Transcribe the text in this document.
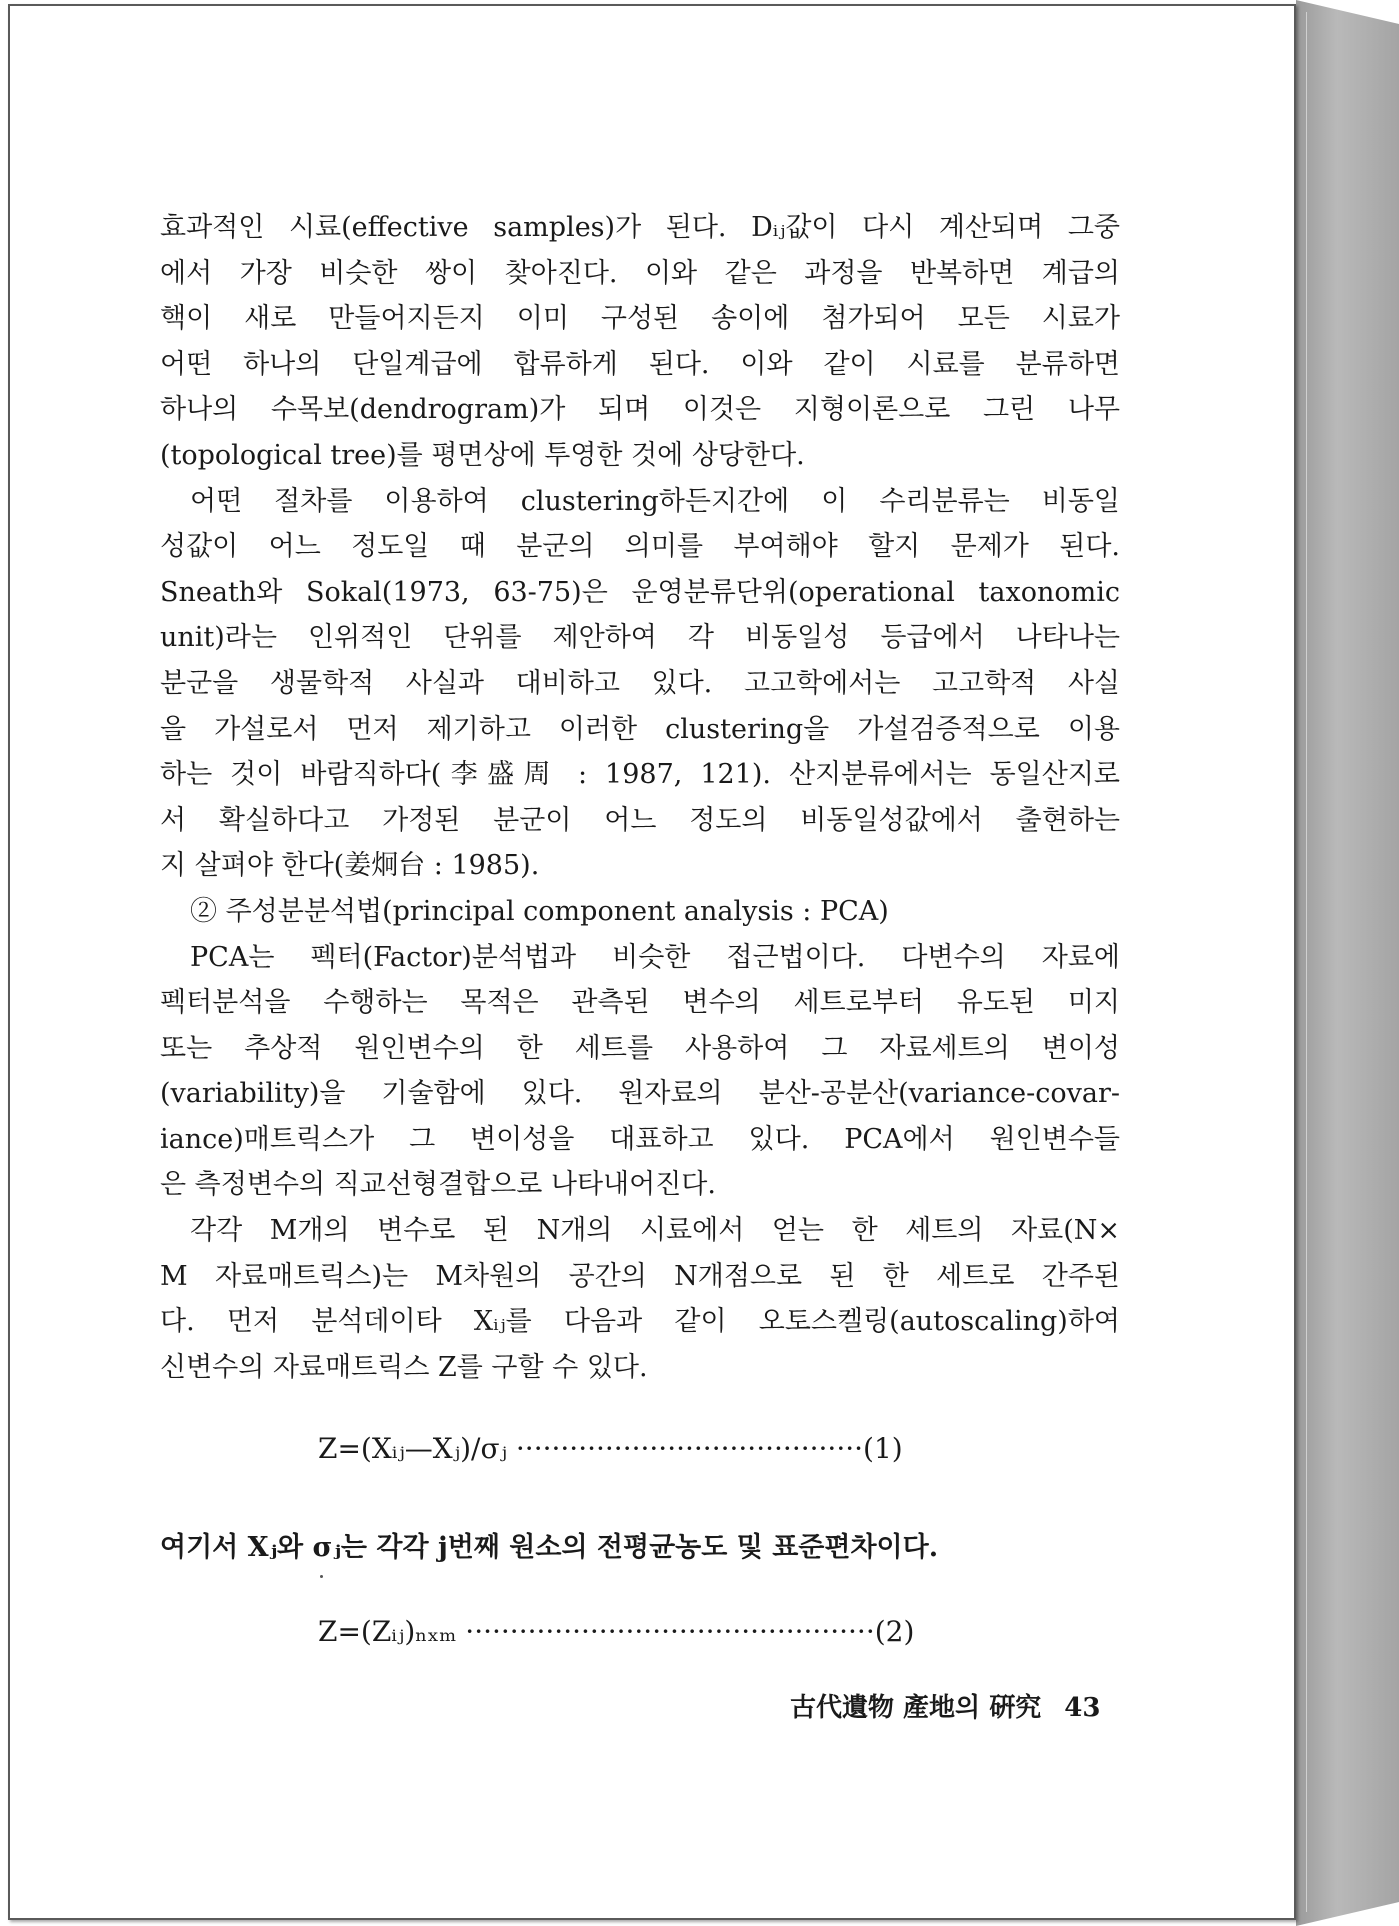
효과적인 시료(effective samples)가 된다. Dᵢⱼ값이 다시 계산되며 그중
에서 가장 비슷한 쌍이 찾아진다. 이와 같은 과정을 반복하면 계급의
핵이 새로 만들어지든지 이미 구성된 송이에 첨가되어 모든 시료가
어떤 하나의 단일계급에 합류하게 된다. 이와 같이 시료를 분류하면
하나의 수목보(dendrogram)가 되며 이것은 지형이론으로 그린 나무
(topological tree)를 평면상에 투영한 것에 상당한다.
어떤 절차를 이용하여 clustering하든지간에 이 수리분류는 비동일
성값이 어느 정도일 때 분군의 의미를 부여해야 할지 문제가 된다.
Sneath와 Sokal(1973, 63-75)은 운영분류단위(operational taxonomic
unit)라는 인위적인 단위를 제안하여 각 비동일성 등급에서 나타나는
분군을 생물학적 사실과 대비하고 있다. 고고학에서는 고고학적 사실
을 가설로서 먼저 제기하고 이러한 clustering을 가설검증적으로 이용
하는 것이 바람직하다(李盛周 : 1987, 121). 산지분류에서는 동일산지로
서 확실하다고 가정된 분군이 어느 정도의 비동일성값에서 출현하는
지 살펴야 한다(姜炯台 : 1985).
② 주성분분석법(principal component analysis : PCA)
PCA는 펙터(Factor)분석법과 비슷한 접근법이다. 다변수의 자료에
펙터분석을 수행하는 목적은 관측된 변수의 세트로부터 유도된 미지
또는 추상적 원인변수의 한 세트를 사용하여 그 자료세트의 변이성
(variability)을 기술함에 있다. 원자료의 분산-공분산(variance-covar-
iance)매트릭스가 그 변이성을 대표하고 있다. PCA에서 원인변수들
은 측정변수의 직교선형결합으로 나타내어진다.
각각 M개의 변수로 된 N개의 시료에서 얻는 한 세트의 자료(N×
M 자료매트릭스)는 M차원의 공간의 N개점으로 된 한 세트로 간주된
다. 먼저 분석데이타 Xᵢⱼ를 다음과 같이 오토스켈링(autoscaling)하여
신변수의 자료매트릭스 Z를 구할 수 있다.
Z=(Xᵢⱼ—Xⱼ)/σⱼ ·······································(1)
여기서 Xⱼ와 σⱼ는 각각 j번째 원소의 전평균농도 및 표준편차이다.
Z=(Zᵢⱼ)ₙₓₘ ··············································(2)
古代遺物 產地의 硏究 43
